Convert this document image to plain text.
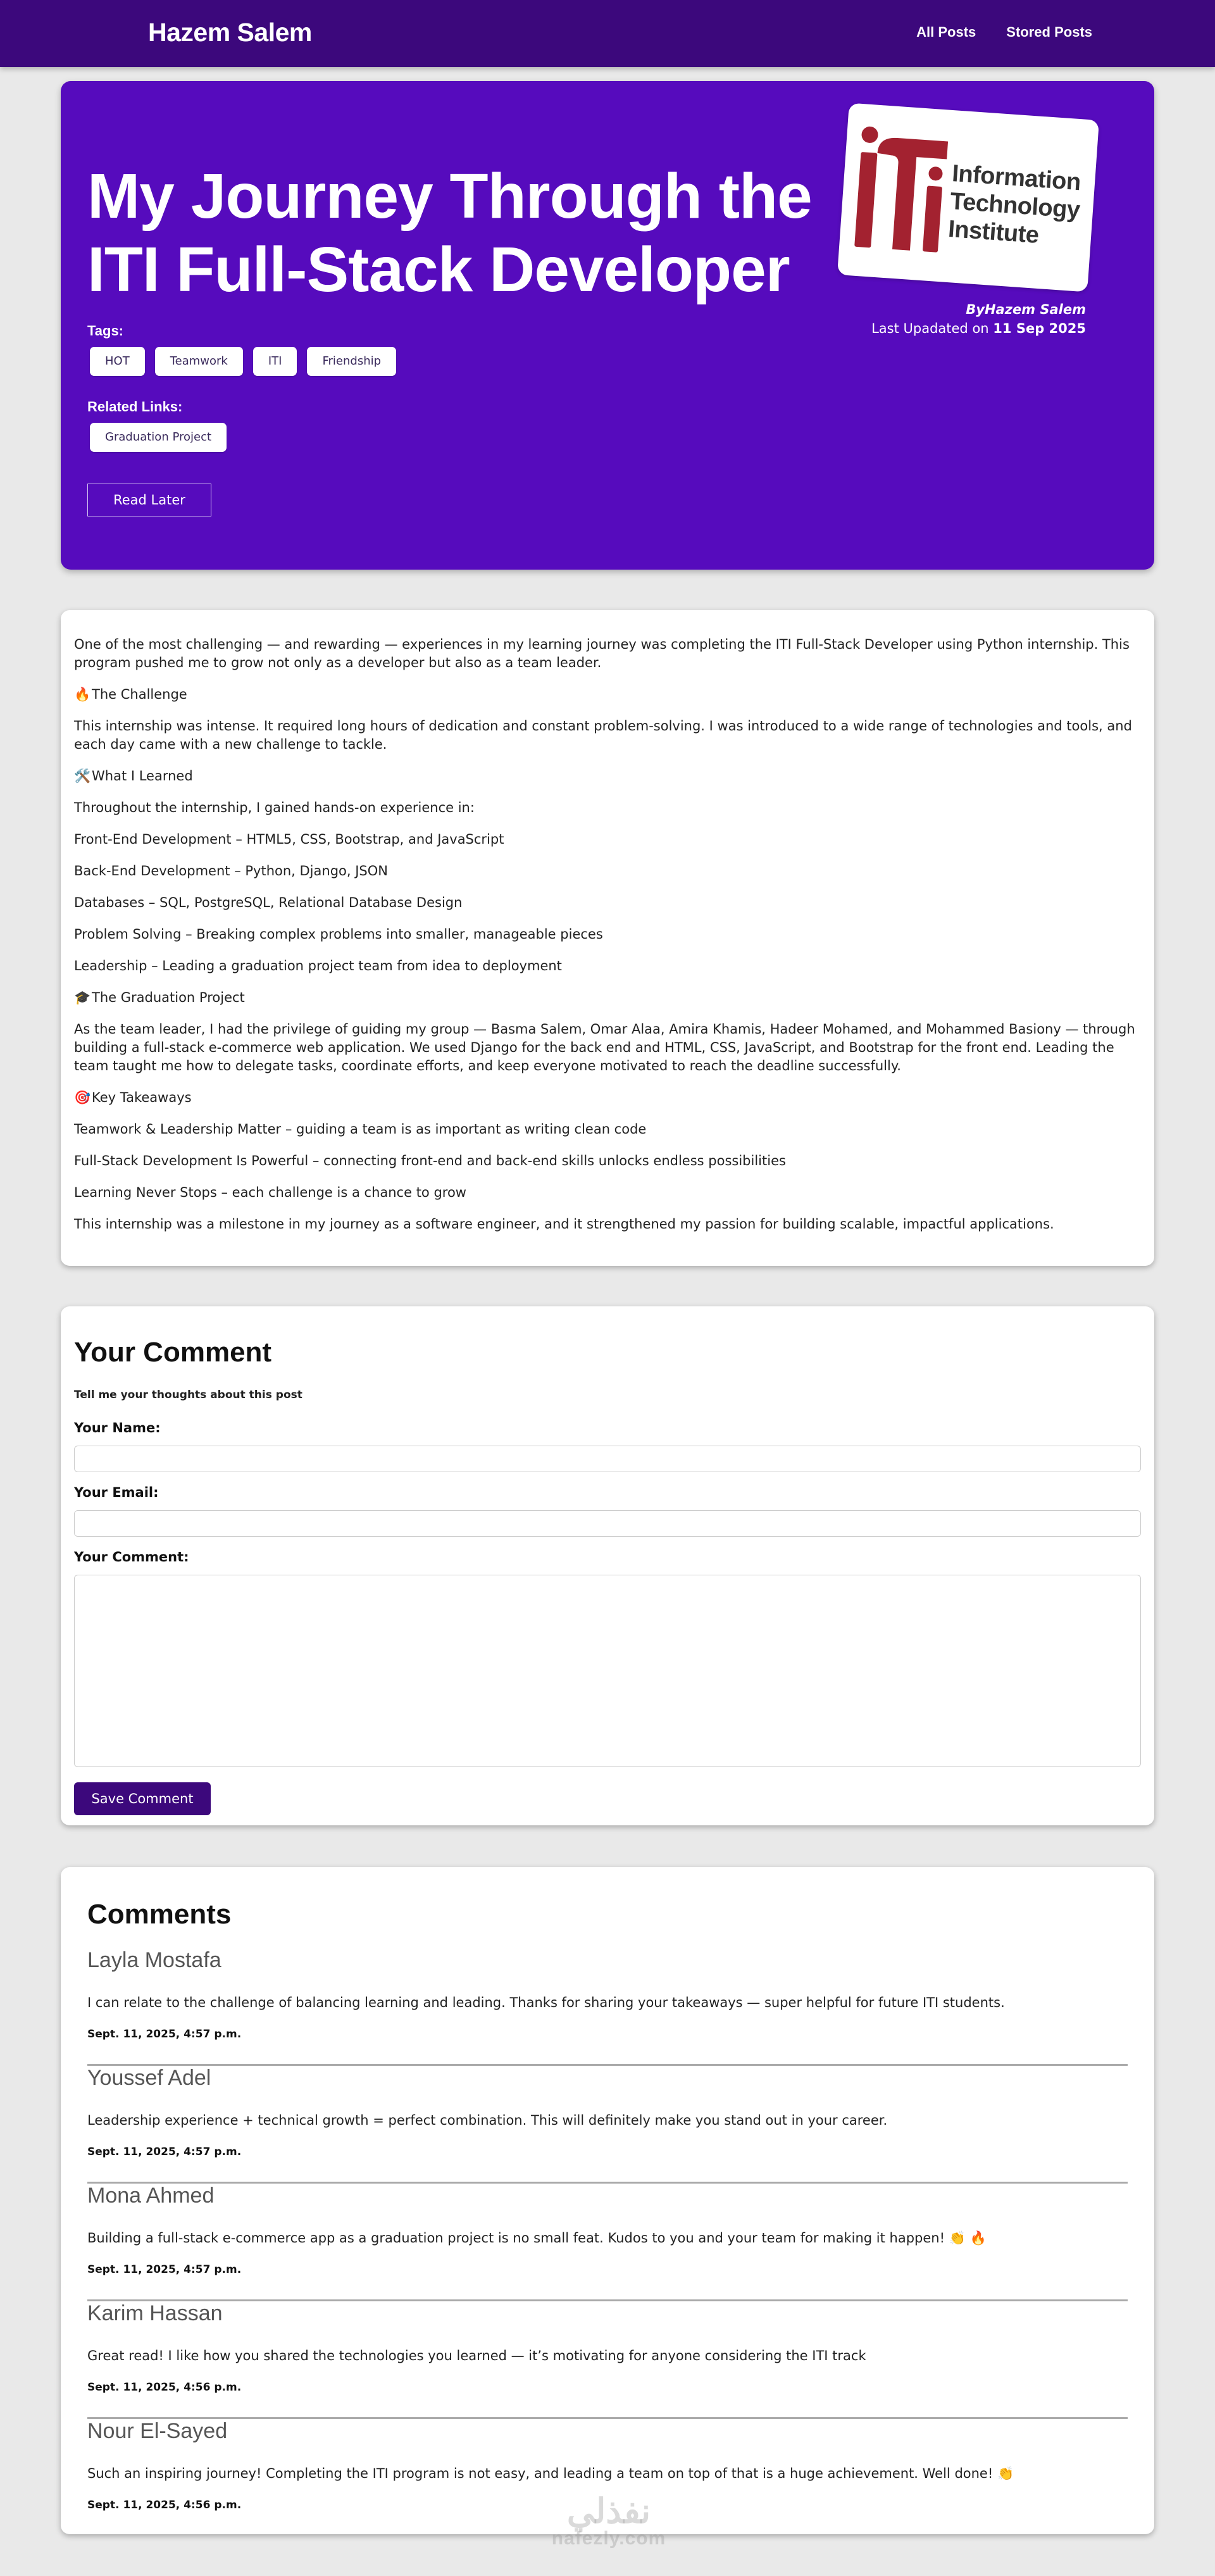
Hazem Salem	All Posts Stored Posts
My Journey Through the ITI Full-Stack Developer
Tags:
HOT	Teamwork	ITI	Friendship
Related Links:
Graduation Project
Read Later
Information Technology Institute
ByHazem Salem
Last Upadated on 11 Sep 2025

One of the most challenging — and rewarding — experiences in my learning journey was completing the ITI Full-Stack Developer using Python internship. This program pushed me to grow not only as a developer but also as a team leader.

🔥The Challenge

This internship was intense. It required long hours of dedication and constant problem-solving. I was introduced to a wide range of technologies and tools, and each day came with a new challenge to tackle.

🛠️What I Learned

Throughout the internship, I gained hands-on experience in:

Front-End Development – HTML5, CSS, Bootstrap, and JavaScript

Back-End Development – Python, Django, JSON

Databases – SQL, PostgreSQL, Relational Database Design

Problem Solving – Breaking complex problems into smaller, manageable pieces

Leadership – Leading a graduation project team from idea to deployment

🎓The Graduation Project

As the team leader, I had the privilege of guiding my group — Basma Salem, Omar Alaa, Amira Khamis, Hadeer Mohamed, and Mohammed Basiony — through building a full-stack e-commerce web application. We used Django for the back end and HTML, CSS, JavaScript, and Bootstrap for the front end. Leading the team taught me how to delegate tasks, coordinate efforts, and keep everyone motivated to reach the deadline successfully.

🎯Key Takeaways

Teamwork & Leadership Matter – guiding a team is as important as writing clean code

Full-Stack Development Is Powerful – connecting front-end and back-end skills unlocks endless possibilities

Learning Never Stops – each challenge is a chance to grow

This internship was a milestone in my journey as a software engineer, and it strengthened my passion for building scalable, impactful applications.

Your Comment
Tell me your thoughts about this post
Your Name:
Your Email:
Your Comment:
Save Comment
Comments
Layla Mostafa
I can relate to the challenge of balancing learning and leading. Thanks for sharing your takeaways — super helpful for future ITI students.
Sept. 11, 2025, 4:57 p.m.
Youssef Adel
Leadership experience + technical growth = perfect combination. This will definitely make you stand out in your career.
Sept. 11, 2025, 4:57 p.m.
Mona Ahmed
Building a full-stack e-commerce app as a graduation project is no small feat. Kudos to you and your team for making it happen! 👏 🔥
Sept. 11, 2025, 4:57 p.m.
Karim Hassan
Great read! I like how you shared the technologies you learned — it’s motivating for anyone considering the ITI track
Sept. 11, 2025, 4:56 p.m.
Nour El-Sayed
Such an inspiring journey! Completing the ITI program is not easy, and leading a team on top of that is a huge achievement. Well done! 👏
Sept. 11, 2025, 4:56 p.m.	نفذلي
nafezly.com
